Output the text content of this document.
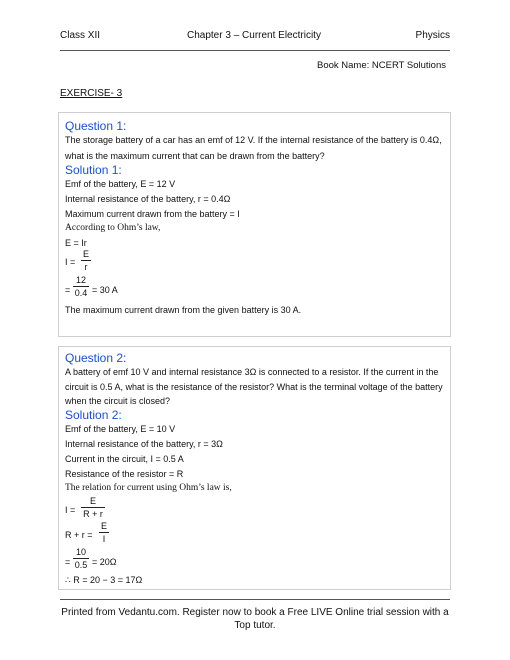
Class XII	Chapter 3 – Current Electricity	Physics
Book Name: NCERT Solutions
EXERCISE- 3
Question 1:
The storage battery of a car has an emf of 12 V. If the internal resistance of the battery is 0.4Ω,
what is the maximum current that can be drawn from the battery?
Solution 1:
Emf of the battery, E = 12 V
Internal resistance of the battery, r = 0.4Ω
Maximum current drawn from the battery = I
According to Ohm’s law,
E = Ir
I =
E
r
=
12
0.4 = 30 A
The maximum current drawn from the given battery is 30 A.
Question 2:
A battery of emf 10 V and internal resistance 3Ω is connected to a resistor. If the current in the
circuit is 0.5 A, what is the resistance of the resistor? What is the terminal voltage of the battery
when the circuit is closed?
Solution 2:
Emf of the battery, E = 10 V
Internal resistance of the battery, r = 3Ω
Current in the circuit, I = 0.5 A
Resistance of the resistor = R
The relation for current using Ohm’s law is,
I =
E
R + r
R + r =
E
I
=
10
0.5 = 20Ω
∴ R = 20 − 3 = 17Ω
Printed from Vedantu.com. Register now to book a Free LIVE Online trial session with a
Top tutor.
